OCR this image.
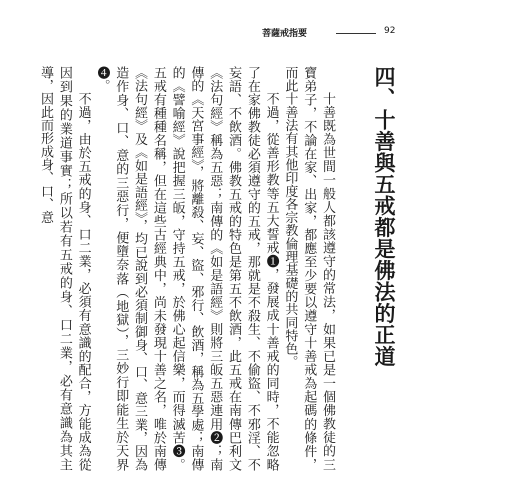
菩薩戒指要	92
四、十善與五戒都是佛法的正道

十善既為世間一般人都該遵守的常法，如果已是一個佛教徒的三寶弟子，不論在家、出家，都應至少要以遵守十善戒為起碼的條件，而此十善法有其他印度各宗教倫理基礎的共同特色。

不過，從善形教等五大誓戒❶，發展成十善戒的同時，不能忽略了在家佛教徒必須遵守的五戒，那就是不殺生、不偷盜、不邪淫、不妄語、不飲酒。佛教五戒的特色是第五不飲酒，此五戒在南傳巴利文《法句經》稱為五惡；南傳的《如是語經》則將三皈五惡連用❷；南傳的《天宮事經》，將離殺、妄、盜、邪行、飲酒，稱為五學處；南傳的《譬喻經》說把握三皈，守持五戒，於佛心起信樂，而得滅苦❸。五戒有種種名稱，但在這些古經典中，尚未發現十善之名，唯於南傳《法句經》及《如是語經》，均已說到必須制御身、口、意三業，因為造作身、口、意的三惡行，便墮奈落（地獄），三妙行即能生於天界❹。

不過，由於五戒的身、口二業，必須有意識的配合，方能成為從因到果的業道事實；所以若有五戒的身、口二業，必有意識為其主導，因此而形成身、口、意
